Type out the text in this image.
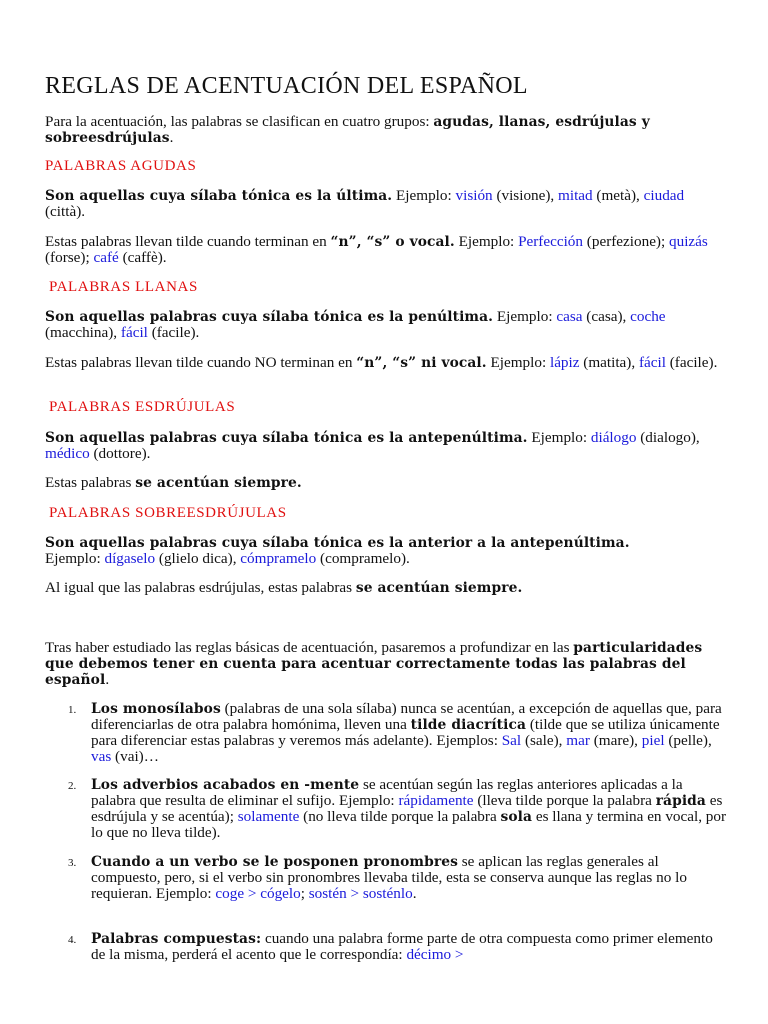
REGLAS DE ACENTUACIÓN DEL ESPAÑOL

Para la acentuación, las palabras se clasifican en cuatro grupos: agudas, llanas, esdrújulas y sobreesdrújulas.

PALABRAS AGUDAS

Son aquellas cuya sílaba tónica es la última. Ejemplo: visión (visione), mitad (metà), ciudad (città).

Estas palabras llevan tilde cuando terminan en “n”, “s” o vocal. Ejemplo: Perfección (perfezione); quizás (forse); café (caffè).

PALABRAS LLANAS

Son aquellas palabras cuya sílaba tónica es la penúltima. Ejemplo: casa (casa), coche (macchina), fácil (facile).

Estas palabras llevan tilde cuando NO terminan en “n”, “s” ni vocal. Ejemplo: lápiz (matita), fácil (facile).

PALABRAS ESDRÚJULAS

Son aquellas palabras cuya sílaba tónica es la antepenúltima. Ejemplo: diálogo (dialogo), médico (dottore).

Estas palabras se acentúan siempre.

PALABRAS SOBREESDRÚJULAS

Son aquellas palabras cuya sílaba tónica es la anterior a la antepenúltima.
Ejemplo: dígaselo (glielo dica), cómpramelo (compramelo).

Al igual que las palabras esdrújulas, estas palabras se acentúan siempre.

Tras haber estudiado las reglas básicas de acentuación, pasaremos a profundizar en las particularidades que debemos tener en cuenta para acentuar correctamente todas las palabras del español.

1.	Los monosílabos (palabras de una sola sílaba) nunca se acentúan, a excepción de aquellas que, para diferenciarlas de otra palabra homónima, lleven una tilde diacrítica (tilde que se utiliza únicamente para diferenciar estas palabras y veremos más adelante). Ejemplos: Sal (sale), mar (mare), piel (pelle), vas (vai)…
2.	Los adverbios acabados en -mente se acentúan según las reglas anteriores aplicadas a la palabra que resulta de eliminar el sufijo. Ejemplo: rápidamente (lleva tilde porque la palabra rápida es esdrújula y se acentúa); solamente (no lleva tilde porque la palabra sola es llana y termina en vocal, por lo que no lleva tilde).
3.	Cuando a un verbo se le posponen pronombres se aplican las reglas generales al compuesto, pero, si el verbo sin pronombres llevaba tilde, esta se conserva aunque las reglas no lo requieran. Ejemplo: coge > cógelo; sostén > sosténlo.
4.	Palabras compuestas: cuando una palabra forme parte de otra compuesta como primer elemento de la misma, perderá el acento que le correspondía: décimo >
